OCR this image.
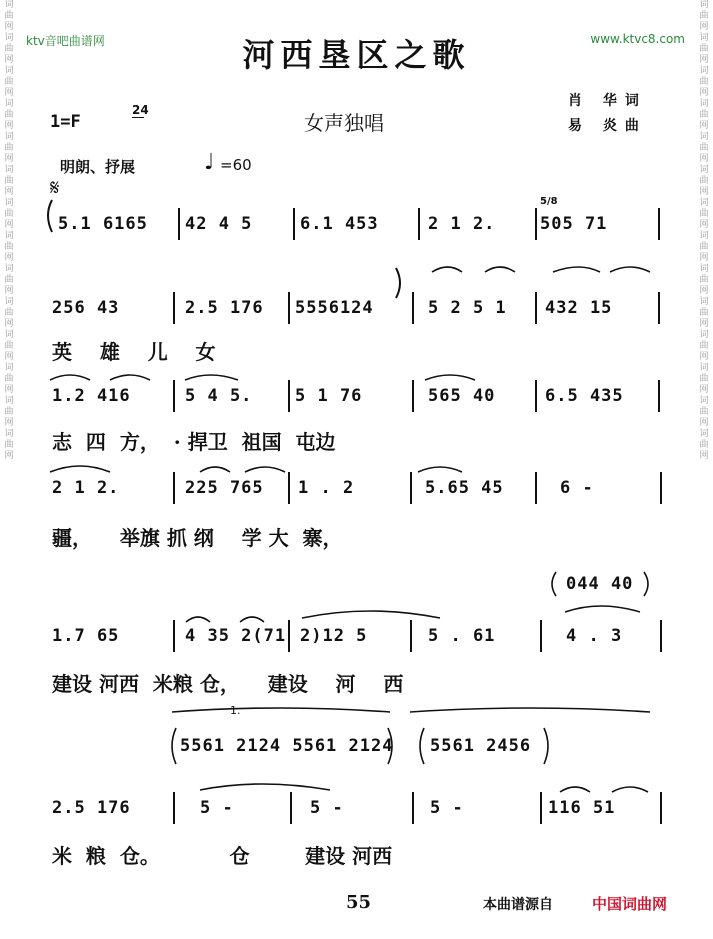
词
曲
网
词
曲
网
词
曲
网
词
曲
网
词
曲
网
词
曲
网
词
曲
网
词
曲
网
词
曲
网
词
曲
网
词
曲
网
词
曲
网
词
曲
网
词
曲
网
词
曲
网
词
曲
网
词
曲
网
词
曲
网
词
曲
网
词
曲
网
词
曲
网
词
曲
网
词
曲
网
词
曲
网
词
曲
网
词
曲
网
词
曲
网
词
曲
网
ktv音吧曲谱网	www.ktvc8.com
河西垦区之歌
1=F
2
4
女声独唱
肖 华词
易 炎曲
明朗、抒展	♩ =60
𝄋
5.1 6165 42 4 5	6.1 453	2 1 2.	505 71
5/8
256 43	2.5 176 5556124	5 2 5 1 432 15
英    雄    儿    女
1.2 416	5 4 5.	5 1 76	565 40	6.5 435
志  四  方，  · 捍卫  祖国  屯边
2 1 2.	225 765 1 . 2	5.65 45	6 -
疆，    举旗 抓 纲    学 大  寨，
044 40
1.7 65	4 35 2(71 2)12 5	5 . 61	4 . 3
建设 河西  米粮 仓，    建设    河    西
5561 2124 5561 2124 5561 2456
1.
2.5 176	5 -	5 -	5 -	116 51
米  粮  仓。          仓        建设 河西
55	本曲谱源自	中国词曲网
